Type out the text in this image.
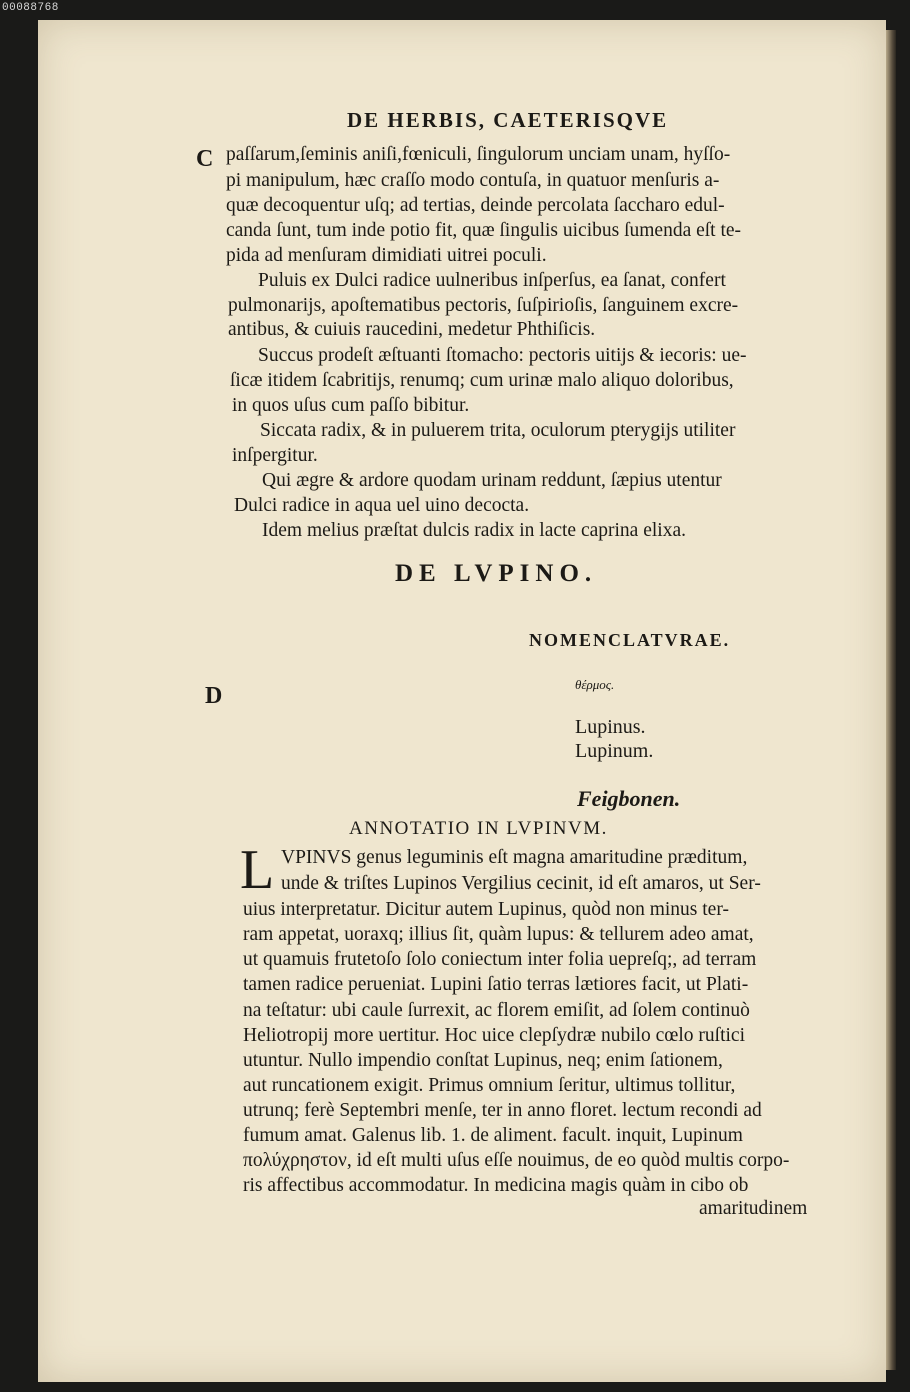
00088768
DE HERBIS, CAETERISQVE
C paſſarum,ſeminis aniſi,fœniculi, ſingulorum unciam unam, hyſſo-
pi manipulum, hæc craſſo modo contuſa, in quatuor menſuris a-
quæ decoquentur uſq; ad tertias, deinde percolata ſaccharo edul-
canda ſunt, tum inde potio fit, quæ ſingulis uicibus ſumenda eſt te-
pida ad menſuram dimidiati uitrei poculi.
Puluis ex Dulci radice uulneribus inſperſus, ea ſanat, confert
pulmonarijs, apoſtematibus pectoris, ſuſpirioſis, ſanguinem excre-
antibus, & cuiuis raucedini, medetur Phthiſicis.
Succus prodeſt æſtuanti ſtomacho: pectoris uitijs & iecoris: ue-
ſicæ itidem ſcabritijs, renumq; cum urinæ malo aliquo doloribus,
in quos uſus cum paſſo bibitur.
Siccata radix, & in puluerem trita, oculorum pterygijs utiliter
inſpergitur.
Qui ægre & ardore quodam urinam reddunt, ſæpius utentur
Dulci radice in aqua uel uino decocta.
Idem melius præſtat dulcis radix in lacte caprina elixa.
DE LVPINO.
NOMENCLATVRAE.
D	θέρμος.
Lupinus.
Lupinum.
Feigbonen.
ANNOTATIO IN LVPINVM.
L VPINVS genus leguminis eſt magna amaritudine præditum,
unde & triſtes Lupinos Vergilius cecinit, id eſt amaros, ut Ser-
uius interpretatur. Dicitur autem Lupinus, quòd non minus ter-
ram appetat, uoraxq; illius ſit, quàm lupus: & tellurem adeo amat,
ut quamuis frutetoſo ſolo coniectum inter folia uepreſq;, ad terram
tamen radice perueniat. Lupini ſatio terras lætiores facit, ut Plati-
na teſtatur: ubi caule ſurrexit, ac florem emiſit, ad ſolem continuò
Heliotropij more uertitur. Hoc uice clepſydræ nubilo cœlo ruſtici
utuntur. Nullo impendio conſtat Lupinus, neq; enim ſationem,
aut runcationem exigit. Primus omnium ſeritur, ultimus tollitur,
utrunq; ferè Septembri menſe, ter in anno floret. lectum recondi ad
fumum amat. Galenus lib. 1. de aliment. facult. inquit, Lupinum
πολύχρηστον, id eſt multi uſus eſſe nouimus, de eo quòd multis corpo-
ris affectibus accommodatur. In medicina magis quàm in cibo ob
amaritudinem
